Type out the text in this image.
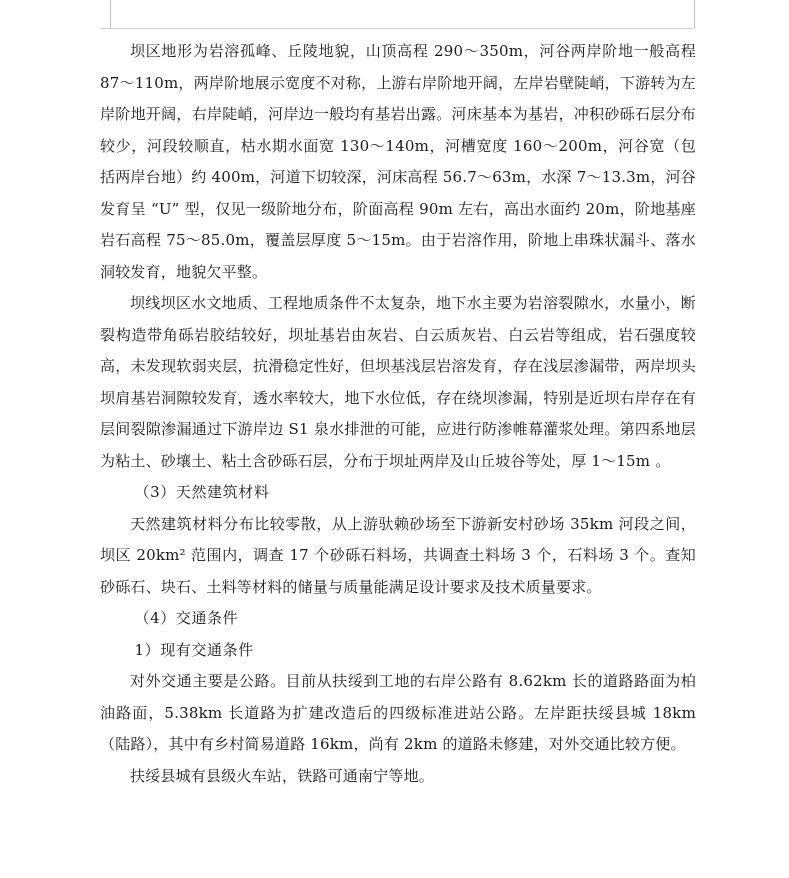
坝区地形为岩溶孤峰、丘陵地貌，山顶高程 290～350m，河谷两岸阶地一般高程 87～110m，两岸阶地展示宽度不对称，上游右岸阶地开阔，左岸岩壁陡峭，下游转为左岸阶地开阔，右岸陡峭，河岸边一般均有基岩出露。河床基本为基岩，冲积砂砾石层分布较少，河段较顺直，枯水期水面宽 130～140m，河槽宽度 160～200m，河谷宽（包括两岸台地）约 400m，河道下切较深，河床高程 56.7～63m，水深 7～13.3m，河谷发育呈 “U” 型，仅见一级阶地分布，阶面高程 90m 左右，高出水面约 20m，阶地基座岩石高程 75～85.0m，覆盖层厚度 5～15m。由于岩溶作用，阶地上串珠状漏斗、落水洞较发育，地貌欠平整。

坝线坝区水文地质、工程地质条件不太复杂，地下水主要为岩溶裂隙水，水量小，断裂构造带角砾岩胶结较好，坝址基岩由灰岩、白云质灰岩、白云岩等组成，岩石强度较高，未发现软弱夹层，抗滑稳定性好，但坝基浅层岩溶发育，存在浅层渗漏带，两岸坝头坝肩基岩洞隙较发育，透水率较大，地下水位低，存在绕坝渗漏，特别是近坝右岸存在有层间裂隙渗漏通过下游岸边 S1 泉水排泄的可能，应进行防渗帷幕灌浆处理。第四系地层为粘土、砂壤土、粘土含砂砾石层，分布于坝址两岸及山丘坡谷等处，厚 1～15m 。

（3）天然建筑材料

天然建筑材料分布比较零散，从上游驮赖砂场至下游新安村砂场 35km 河段之间，坝区 20km² 范围内，调查 17 个砂砾石料场，共调查土料场 3 个，石料场 3 个。查知砂砾石、块石、土料等材料的储量与质量能满足设计要求及技术质量要求。

（4）交通条件

1）现有交通条件

对外交通主要是公路。目前从扶绥到工地的右岸公路有 8.62km 长的道路路面为柏油路面，5.38km 长道路为扩建改造后的四级标准进站公路。左岸距扶绥县城 18km（陆路），其中有乡村简易道路 16km，尚有 2km 的道路未修建，对外交通比较方便。

扶绥县城有县级火车站，铁路可通南宁等地。
